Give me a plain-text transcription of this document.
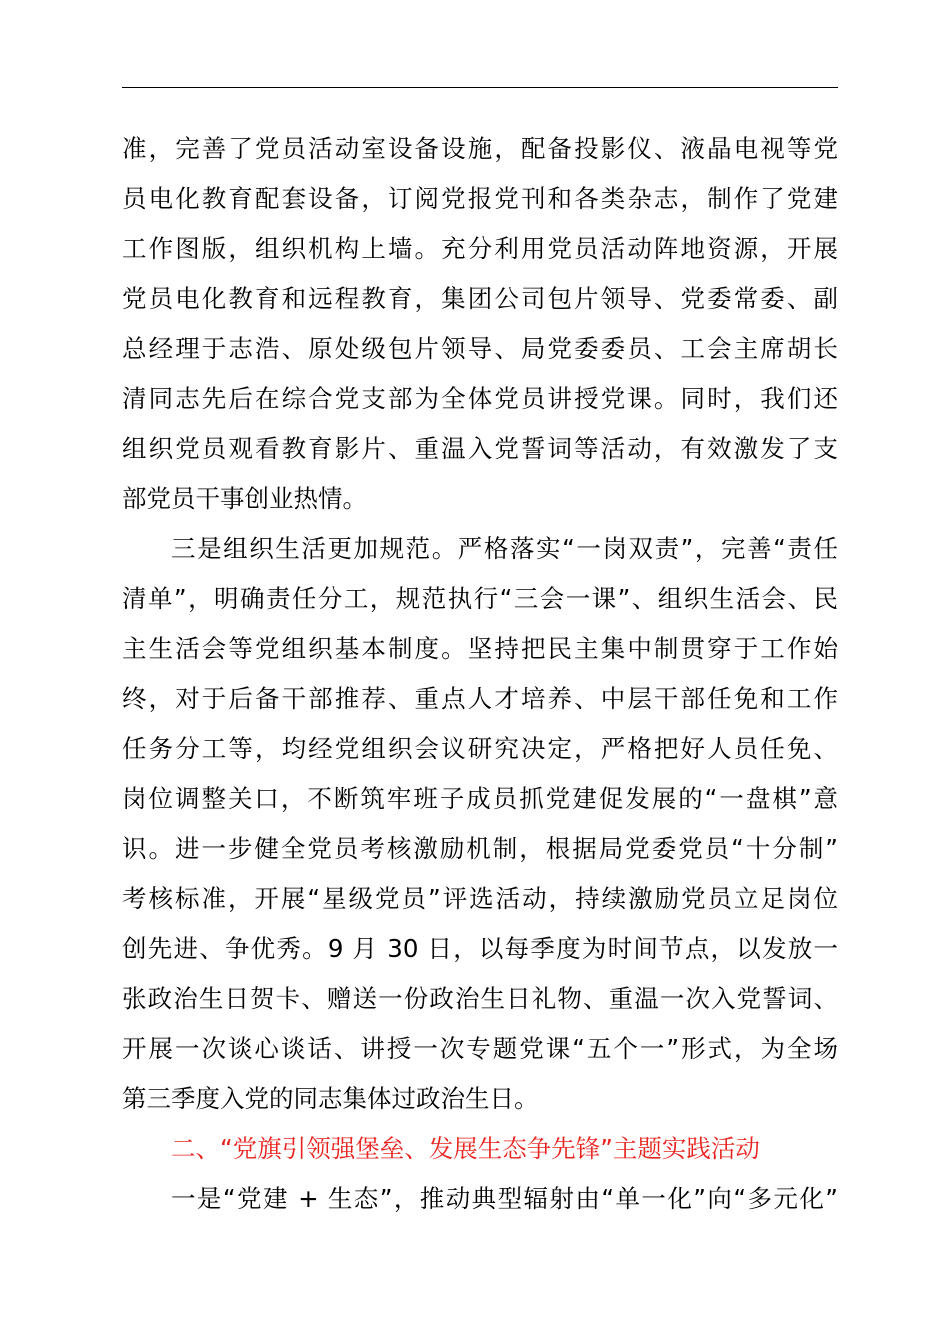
准，完善了党员活动室设备设施，配备投影仪、液晶电视等党
员电化教育配套设备，订阅党报党刊和各类杂志，制作了党建
工作图版，组织机构上墙。充分利用党员活动阵地资源，开展
党员电化教育和远程教育，集团公司包片领导、党委常委、副
总经理于志浩、原处级包片领导、局党委委员、工会主席胡长
清同志先后在综合党支部为全体党员讲授党课。同时，我们还
组织党员观看教育影片、重温入党誓词等活动，有效激发了支
部党员干事创业热情。
三是组织生活更加规范。严格落实“一岗双责”，完善“责任
清单”，明确责任分工，规范执行“三会一课”、组织生活会、民
主生活会等党组织基本制度。坚持把民主集中制贯穿于工作始
终，对于后备干部推荐、重点人才培养、中层干部任免和工作
任务分工等，均经党组织会议研究决定，严格把好人员任免、
岗位调整关口，不断筑牢班子成员抓党建促发展的“一盘棋”意
识。进一步健全党员考核激励机制，根据局党委党员“十分制”
考核标准，开展“星级党员”评选活动，持续激励党员立足岗位
创先进、争优秀。9 月 30 日，以每季度为时间节点，以发放一
张政治生日贺卡、赠送一份政治生日礼物、重温一次入党誓词、
开展一次谈心谈话、讲授一次专题党课“五个一”形式，为全场
第三季度入党的同志集体过政治生日。
二、“党旗引领强堡垒、发展生态争先锋”主题实践活动
一是“党建 + 生态”，推动典型辐射由“单一化”向“多元化”
